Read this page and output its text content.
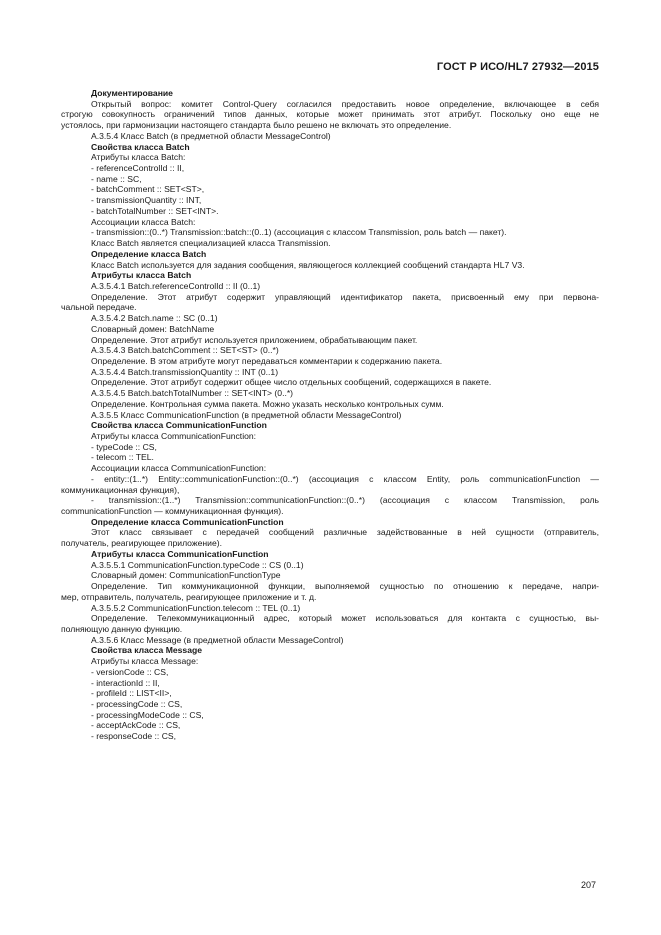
ГОСТ Р ИСО/HL7 27932—2015
Документирование
Открытый вопрос: комитет Control-Query согласился предоставить новое определение, включающее в себя
строгую совокупность ограничений типов данных, которые может принимать этот атрибут. Поскольку оно еще не
устоялось, при гармонизации настоящего стандарта было решено не включать это определение.
A.3.5.4 Класс Batch (в предметной области MessageControl)
Свойства класса Batch
Атрибуты класса Batch:
- referenceControlId :: II,
- name :: SC,
- batchComment :: SET<ST>,
- transmissionQuantity :: INT,
- batchTotalNumber :: SET<INT>.
Ассоциации класса Batch:
- transmission::(0..*) Transmission::batch::(0..1) (ассоциация с классом Transmission, роль batch — пакет).
Класс Batch является специализацией класса Transmission.
Определение класса Batch
Класс Batch используется для задания сообщения, являющегося коллекцией сообщений стандарта HL7 V3.
Атрибуты класса Batch
A.3.5.4.1 Batch.referenceControlId :: II (0..1)
Определение. Этот атрибут содержит управляющий идентификатор пакета, присвоенный ему при первона-
чальной передаче.
A.3.5.4.2 Batch.name :: SC (0..1)
Словарный домен: BatchName
Определение. Этот атрибут используется приложением, обрабатывающим пакет.
A.3.5.4.3 Batch.batchComment :: SET<ST> (0..*)
Определение. В этом атрибуте могут передаваться комментарии к содержанию пакета.
A.3.5.4.4 Batch.transmissionQuantity :: INT (0..1)
Определение. Этот атрибут содержит общее число отдельных сообщений, содержащихся в пакете.
A.3.5.4.5 Batch.batchTotalNumber :: SET<INT> (0..*)
Определение. Контрольная сумма пакета. Можно указать несколько контрольных сумм.
A.3.5.5 Класс CommunicationFunction (в предметной области MessageControl)
Свойства класса CommunicationFunction
Атрибуты класса CommunicationFunction:
- typeCode :: CS,
- telecom :: TEL.
Ассоциации класса CommunicationFunction:
- entity::(1..*) Entity::communicationFunction::(0..*) (ассоциация с классом Entity, роль communicationFunction —
коммуникационная функция),
- transmission::(1..*) Transmission::communicationFunction::(0..*) (ассоциация с классом Transmission, роль
communicationFunction — коммуникационная функция).
Определение класса CommunicationFunction
Этот класс связывает с передачей сообщений различные задействованные в ней сущности (отправитель,
получатель, реагирующее приложение).
Атрибуты класса CommunicationFunction
A.3.5.5.1 CommunicationFunction.typeCode :: CS (0..1)
Словарный домен: CommunicationFunctionType
Определение. Тип коммуникационной функции, выполняемой сущностью по отношению к передаче, напри-
мер, отправитель, получатель, реагирующее приложение и т. д.
A.3.5.5.2 CommunicationFunction.telecom :: TEL (0..1)
Определение. Телекоммуникационный адрес, который может использоваться для контакта с сущностью, вы-
полняющую данную функцию.
A.3.5.6 Класс Message (в предметной области MessageControl)
Свойства класса Message
Атрибуты класса Message:
- versionCode :: CS,
- interactionId :: II,
- profileId :: LIST<II>,
- processingCode :: CS,
- processingModeCode :: CS,
- acceptAckCode :: CS,
- responseCode :: CS,
207
